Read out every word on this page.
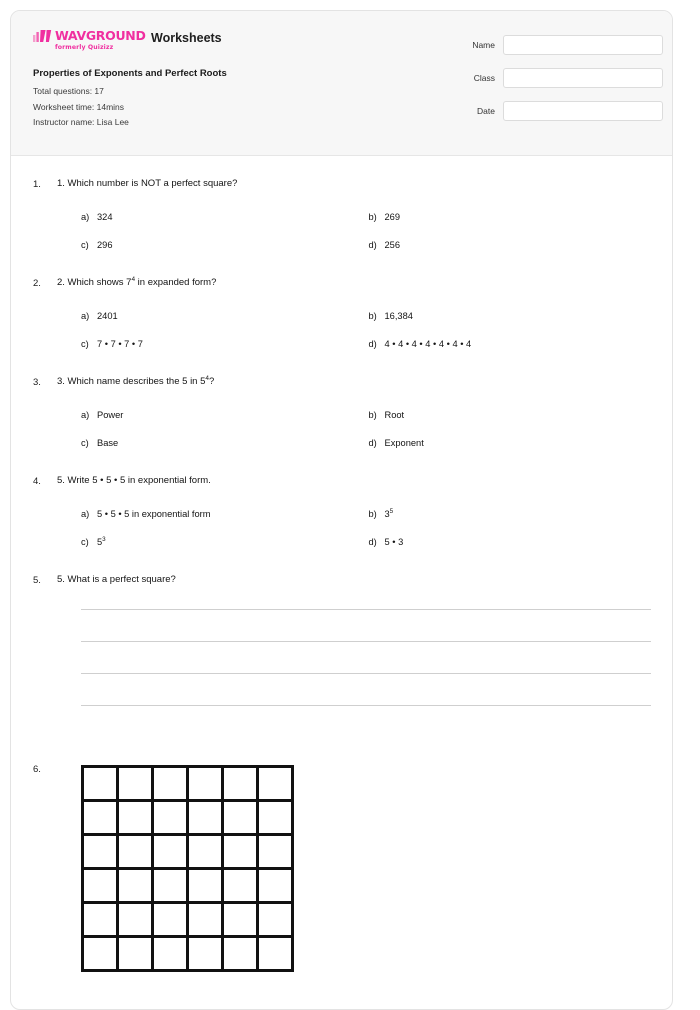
WAVGROUND
formerly Quizizz
Worksheets
Properties of Exponents and Perfect Roots
Total questions: 17
Worksheet time: 14mins
Instructor name: Lisa Lee
Name
Class
Date
1.	1. Which number is NOT a perfect square?
a) 324	b) 269
c) 296	d) 256
2.	2. Which shows $7^4$ in expanded form?
a) 2401	b) 16,384
c) 7 • 7 • 7 • 7	d) 4 • 4 • 4 • 4 • 4 • 4 • 4
3.	3. Which name describes the 5 in $5^4$?
a) Power	b) Root
c) Base	d) Exponent
4.	5. Write 5 • 5 • 5 in exponential form.
a) 5 • 5 • 5 in exponential form	b) $3^5$
c) $5^3$	d) 5 • 3
5.	5. What is a perfect square?
6.
